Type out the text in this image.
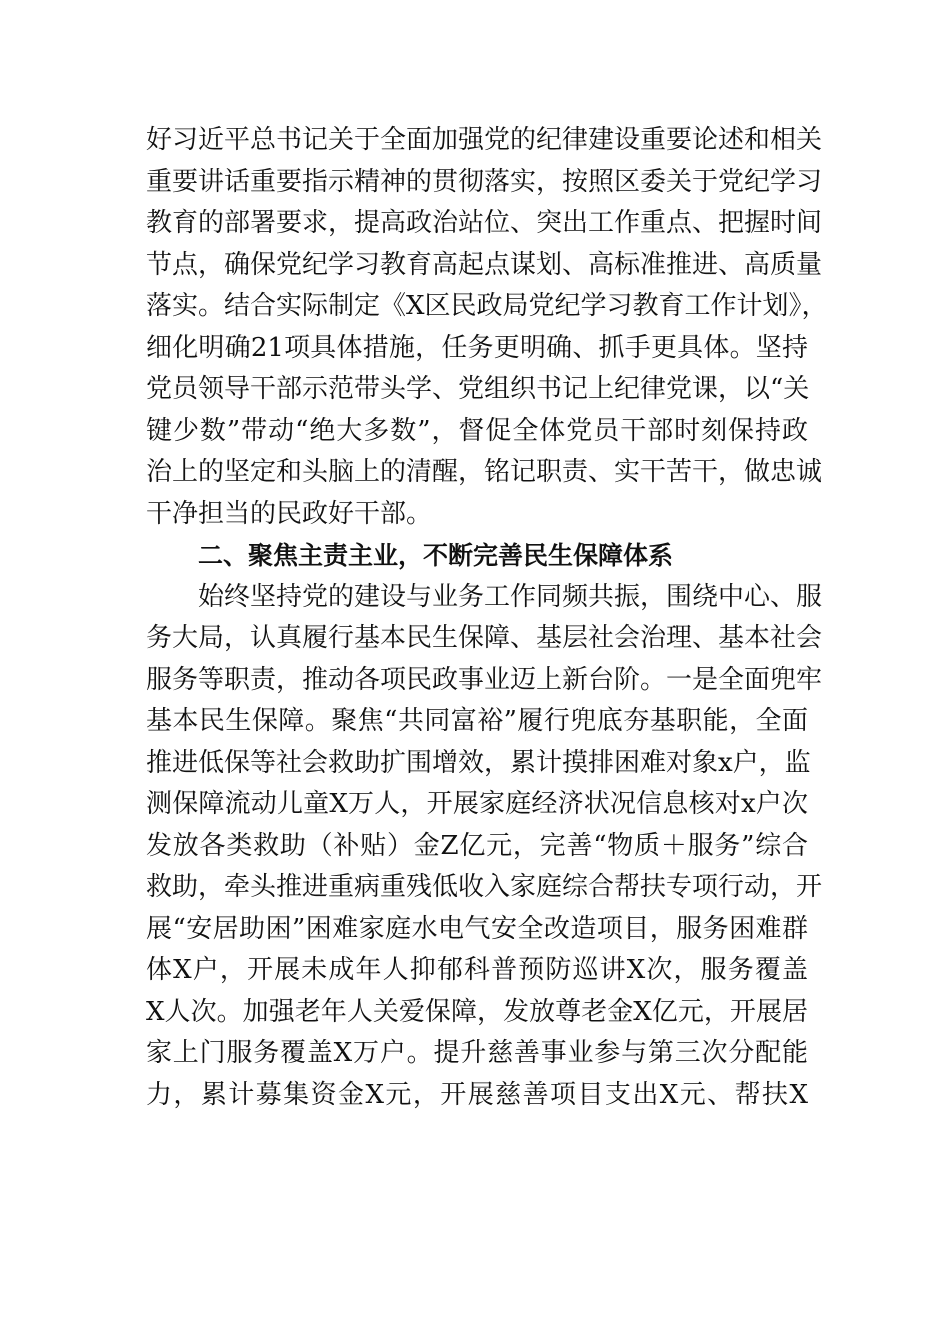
好习近平总书记关于全面加强党的纪律建设重要论述和相关
重要讲话重要指示精神的贯彻落实，按照区委关于党纪学习
教育的部署要求，提高政治站位、突出工作重点、把握时间
节点，确保党纪学习教育高起点谋划、高标准推进、高质量
落实。结合实际制定《X区民政局党纪学习教育工作计划》，
细化明确21项具体措施，任务更明确、抓手更具体。坚持
党员领导干部示范带头学、党组织书记上纪律党课，以“关
键少数”带动“绝大多数”，督促全体党员干部时刻保持政
治上的坚定和头脑上的清醒，铭记职责、实干苦干，做忠诚
干净担当的民政好干部。
二、聚焦主责主业，不断完善民生保障体系
始终坚持党的建设与业务工作同频共振，围绕中心、服
务大局，认真履行基本民生保障、基层社会治理、基本社会
服务等职责，推动各项民政事业迈上新台阶。一是全面兜牢
基本民生保障。聚焦“共同富裕”履行兜底夯基职能，全面
推进低保等社会救助扩围增效，累计摸排困难对象x户，监
测保障流动儿童X万人，开展家庭经济状况信息核对x户次
发放各类救助（补贴）金Z亿元，完善“物质＋服务”综合
救助，牵头推进重病重残低收入家庭综合帮扶专项行动，开
展“安居助困”困难家庭水电气安全改造项目，服务困难群
体X户，开展未成年人抑郁科普预防巡讲X次，服务覆盖
X人次。加强老年人关爱保障，发放尊老金X亿元，开展居
家上门服务覆盖X万户。提升慈善事业参与第三次分配能
力，累计募集资金X元，开展慈善项目支出X元、帮扶X
